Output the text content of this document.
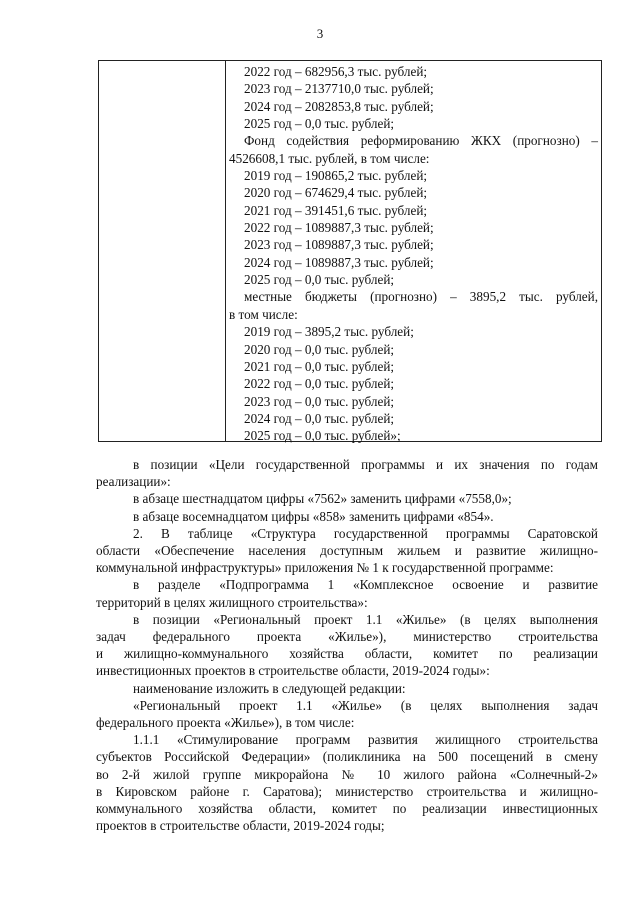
3
2022 год – 682956,3 тыс. рублей;
2023 год – 2137710,0 тыс. рублей;
2024 год – 2082853,8 тыс. рублей;
2025 год – 0,0 тыс. рублей;
Фонд содействия реформированию ЖКХ (прогнозно) –
4526608,1 тыс. рублей, в том числе:
2019 год – 190865,2 тыс. рублей;
2020 год – 674629,4 тыс. рублей;
2021 год – 391451,6 тыс. рублей;
2022 год – 1089887,3 тыс. рублей;
2023 год – 1089887,3 тыс. рублей;
2024 год – 1089887,3 тыс. рублей;
2025 год – 0,0 тыс. рублей;
местные бюджеты (прогнозно) – 3895,2 тыс. рублей,
в том числе:
2019 год – 3895,2 тыс. рублей;
2020 год – 0,0 тыс. рублей;
2021 год – 0,0 тыс. рублей;
2022 год – 0,0 тыс. рублей;
2023 год – 0,0 тыс. рублей;
2024 год – 0,0 тыс. рублей;
2025 год – 0,0 тыс. рублей»;
в позиции «Цели государственной программы и их значения по годам
реализации»:
в абзаце шестнадцатом цифры «7562» заменить цифрами «7558,0»;
в абзаце восемнадцатом цифры «858» заменить цифрами «854».
2. В таблице «Структура государственной программы Саратовской
области «Обеспечение населения доступным жильем и развитие жилищно-
коммунальной инфраструктуры» приложения № 1 к государственной программе:
в разделе «Подпрограмма 1 «Комплексное освоение и развитие
территорий в целях жилищного строительства»:
в позиции «Региональный проект 1.1 «Жилье» (в целях выполнения
задач федерального проекта «Жилье»), министерство строительства
и жилищно-коммунального хозяйства области, комитет по реализации
инвестиционных проектов в строительстве области, 2019-2024 годы»:
наименование изложить в следующей редакции:
«Региональный проект 1.1 «Жилье» (в целях выполнения задач
федерального проекта «Жилье»), в том числе:
1.1.1 «Стимулирование программ развития жилищного строительства
субъектов Российской Федерации» (поликлиника на 500 посещений в смену
во 2-й жилой группе микрорайона № 10 жилого района «Солнечный-2»
в Кировском районе г. Саратова); министерство строительства и жилищно-
коммунального хозяйства области, комитет по реализации инвестиционных
проектов в строительстве области, 2019-2024 годы;
